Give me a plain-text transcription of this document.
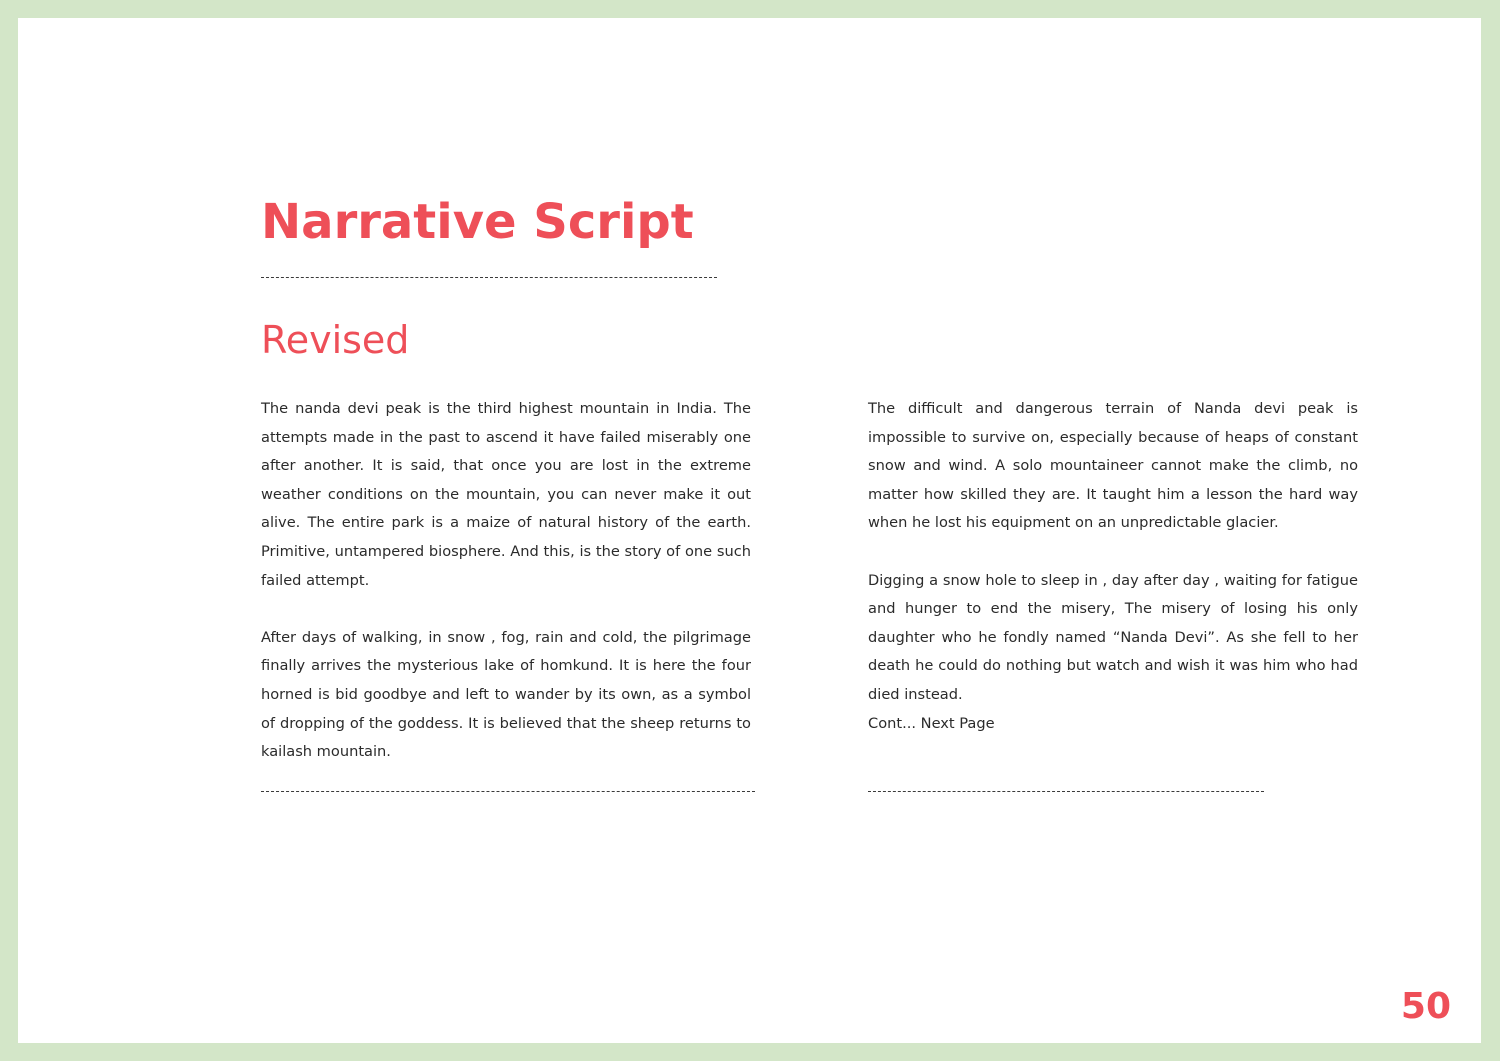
Narrative Script
Revised

The nanda devi peak is the third highest mountain in India. The attempts made in the past to ascend it have failed miserably one after another. It is said, that once you are lost in the extreme weather conditions on the mountain, you can never make it out alive. The entire park is a maize of natural history of the earth. Primitive, untampered biosphere. And this, is the story of one such failed attempt.

After days of walking, in snow , fog, rain and cold, the pilgrimage finally arrives the mysterious lake of homkund. It is here the four horned is bid goodbye and left to wander by its own, as a symbol of dropping of the goddess. It is believed that the sheep returns to kailash mountain.

The difficult and dangerous terrain of Nanda devi peak is impossible to survive on, especially because of heaps of constant snow and wind. A solo mountaineer cannot make the climb, no matter how skilled they are. It taught him a lesson the hard way when he lost his equipment on an unpredictable glacier.

Digging a snow hole to sleep in , day after day , waiting for fatigue and hunger to end the misery, The misery of losing his only daughter who he fondly named “Nanda Devi”. As she fell to her death he could do nothing but watch and wish it was him who had died instead.

Cont... Next Page
50
